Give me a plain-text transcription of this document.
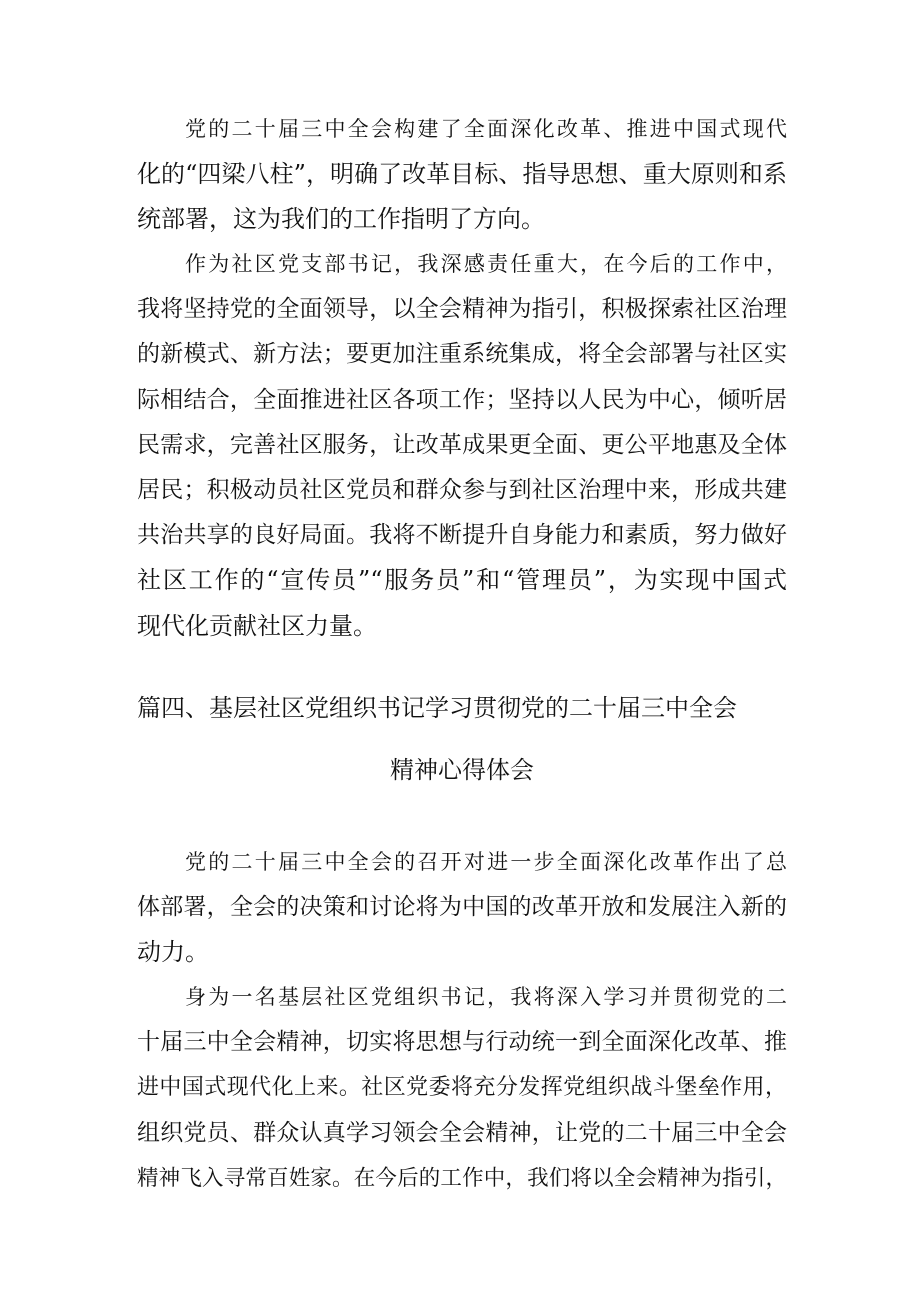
党的二十届三中全会构建了全面深化改革、推进中国式现代
化的“四梁八柱”，明确了改革目标、指导思想、重大原则和系
统部署，这为我们的工作指明了方向。
作为社区党支部书记，我深感责任重大，在今后的工作中，
我将坚持党的全面领导，以全会精神为指引，积极探索社区治理
的新模式、新方法；要更加注重系统集成，将全会部署与社区实
际相结合，全面推进社区各项工作；坚持以人民为中心，倾听居
民需求，完善社区服务，让改革成果更全面、更公平地惠及全体
居民；积极动员社区党员和群众参与到社区治理中来，形成共建
共治共享的良好局面。我将不断提升自身能力和素质，努力做好
社区工作的“宣传员”“服务员”和“管理员”，为实现中国式
现代化贡献社区力量。
篇四、基层社区党组织书记学习贯彻党的二十届三中全会
精神心得体会
党的二十届三中全会的召开对进一步全面深化改革作出了总
体部署，全会的决策和讨论将为中国的改革开放和发展注入新的
动力。
身为一名基层社区党组织书记，我将深入学习并贯彻党的二
十届三中全会精神，切实将思想与行动统一到全面深化改革、推
进中国式现代化上来。社区党委将充分发挥党组织战斗堡垒作用，
组织党员、群众认真学习领会全会精神，让党的二十届三中全会
精神飞入寻常百姓家。在今后的工作中，我们将以全会精神为指引，
